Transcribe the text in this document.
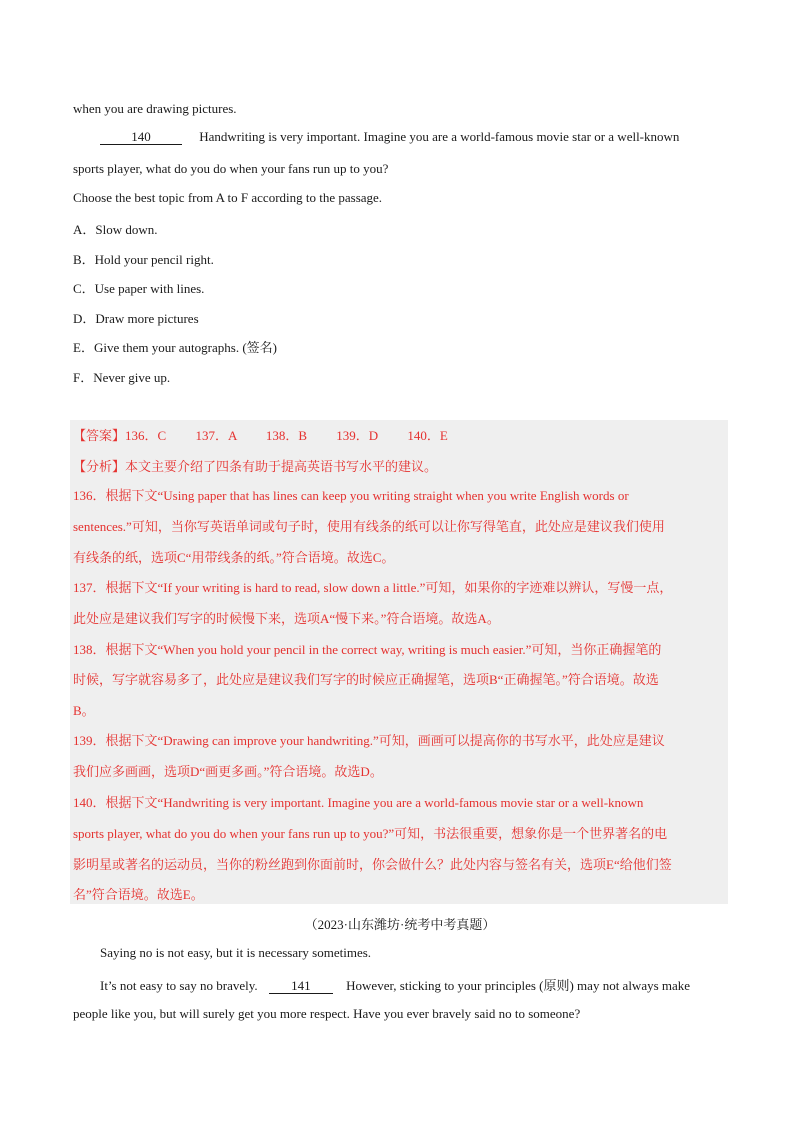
when you are drawing pictures.
140	Handwriting is very important. Imagine you are a world-famous movie star or a well-known
sports player, what do you do when your fans run up to you?
Choose the best topic from A to F according to the passage.
A．Slow down.
B．Hold your pencil right.
C．Use paper with lines.
D．Draw more pictures
E．Give them your autographs. (签名)
F．Never give up.
【答案】136．C 137．A 138．B 139．D 140．E
【分析】本文主要介绍了四条有助于提高英语书写水平的建议。
136．根据下文“Using paper that has lines can keep you writing straight when you write English words or
sentences.”可知，当你写英语单词或句子时，使用有线条的纸可以让你写得笔直，此处应是建议我们使用
有线条的纸，选项C“用带线条的纸。”符合语境。故选C。
137．根据下文“If your writing is hard to read, slow down a little.”可知，如果你的字迹难以辨认，写慢一点，
此处应是建议我们写字的时候慢下来，选项A“慢下来。”符合语境。故选A。
138．根据下文“When you hold your pencil in the correct way, writing is much easier.”可知，当你正确握笔的
时候，写字就容易多了，此处应是建议我们写字的时候应正确握笔，选项B“正确握笔。”符合语境。故选
B。
139．根据下文“Drawing can improve your handwriting.”可知，画画可以提高你的书写水平，此处应是建议
我们应多画画，选项D“画更多画。”符合语境。故选D。
140．根据下文“Handwriting is very important. Imagine you are a world-famous movie star or a well-known
sports player, what do you do when your fans run up to you?”可知，书法很重要，想象你是一个世界著名的电
影明星或著名的运动员，当你的粉丝跑到你面前时，你会做什么？此处内容与签名有关，选项E“给他们签
名”符合语境。故选E。
（2023·山东潍坊·统考中考真题）
Saying no is not easy, but it is necessary sometimes.
It’s not easy to say no bravely.	141	However, sticking to your principles (原则) may not always make
people like you, but will surely get you more respect. Have you ever bravely said no to someone?
